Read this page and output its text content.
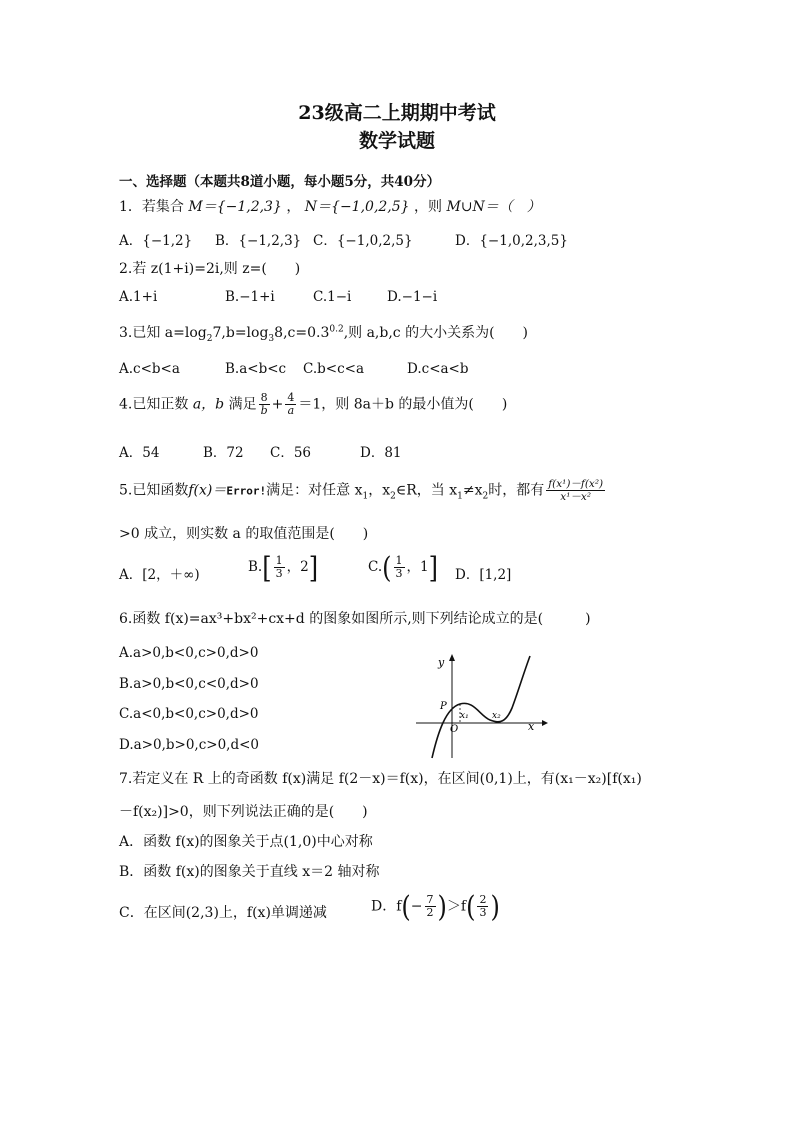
23级高二上期期中考试
数学试题
一、选择题（本题共8道小题，每小题5分，共40分）
1．若集合 M＝{−1,2,3} ， N＝{−1,0,2,5} ，则 M∪N＝（　）
A．{−1,2} B．{−1,2,3} C．{−1,0,2,5}	D．{−1,0,2,3,5}
2.若 z(1+i)=2i,则 z=(　　)
A.1+i	B.−1+i	C.1−i	D.−1−i
3.已知 $a=\log_27,b=\log_38,c=0.3^{0.2}$,则 a,b,c 的大小关系为(　　)
A.c<b<a	B.a<b<c C.b<c<a	D.c<a<b
4.已知正数 a，b 满足 $\frac{8}{b} + \frac{4}{a} =1$，则 8a＋b 的最小值为(　　)
A．54	B．72 C．56	D．81
5.已知函数f(x)＝Error!满足：对任意 $x_1$，$x_2\in R$，当 $x_1\ne x_2$时，都有 $\frac{\text{f(x¹)－f(x²)}}{\text{x¹－x²}}$
>0 成立，则实数 a 的取值范围是(　　)
A．[2，＋∞)	$B.[ \frac{1}{3}$ ，2]	$C.( \frac{1}{3}$ ，1] D．[1,2]
6.函数 f(x)=ax³+bx²+cx+d 的图象如图所示,则下列结论成立的是(　　　)
A.a>0,b<0,c>0,d>0
B.a>0,b<0,c<0,d>0
C.a<0,b<0,c>0,d>0
D.a>0,b>0,c>0,d<0
y
x
O
P
x₁	x₂
7.若定义在 R 上的奇函数 f(x)满足 f(2－x)＝f(x)，在区间(0,1)上，有(x₁－x₂)[f(x₁)
－f(x₂)]>0，则下列说法正确的是(　　)
A．函数 f(x)的图象关于点(1,0)中心对称
B．函数 f(x)的图象关于直线 x＝2 轴对称
C．在区间(2,3)上，f(x)单调递减	D．$f(- \frac{7}{2} )>f( \frac{2}{3}$ )
